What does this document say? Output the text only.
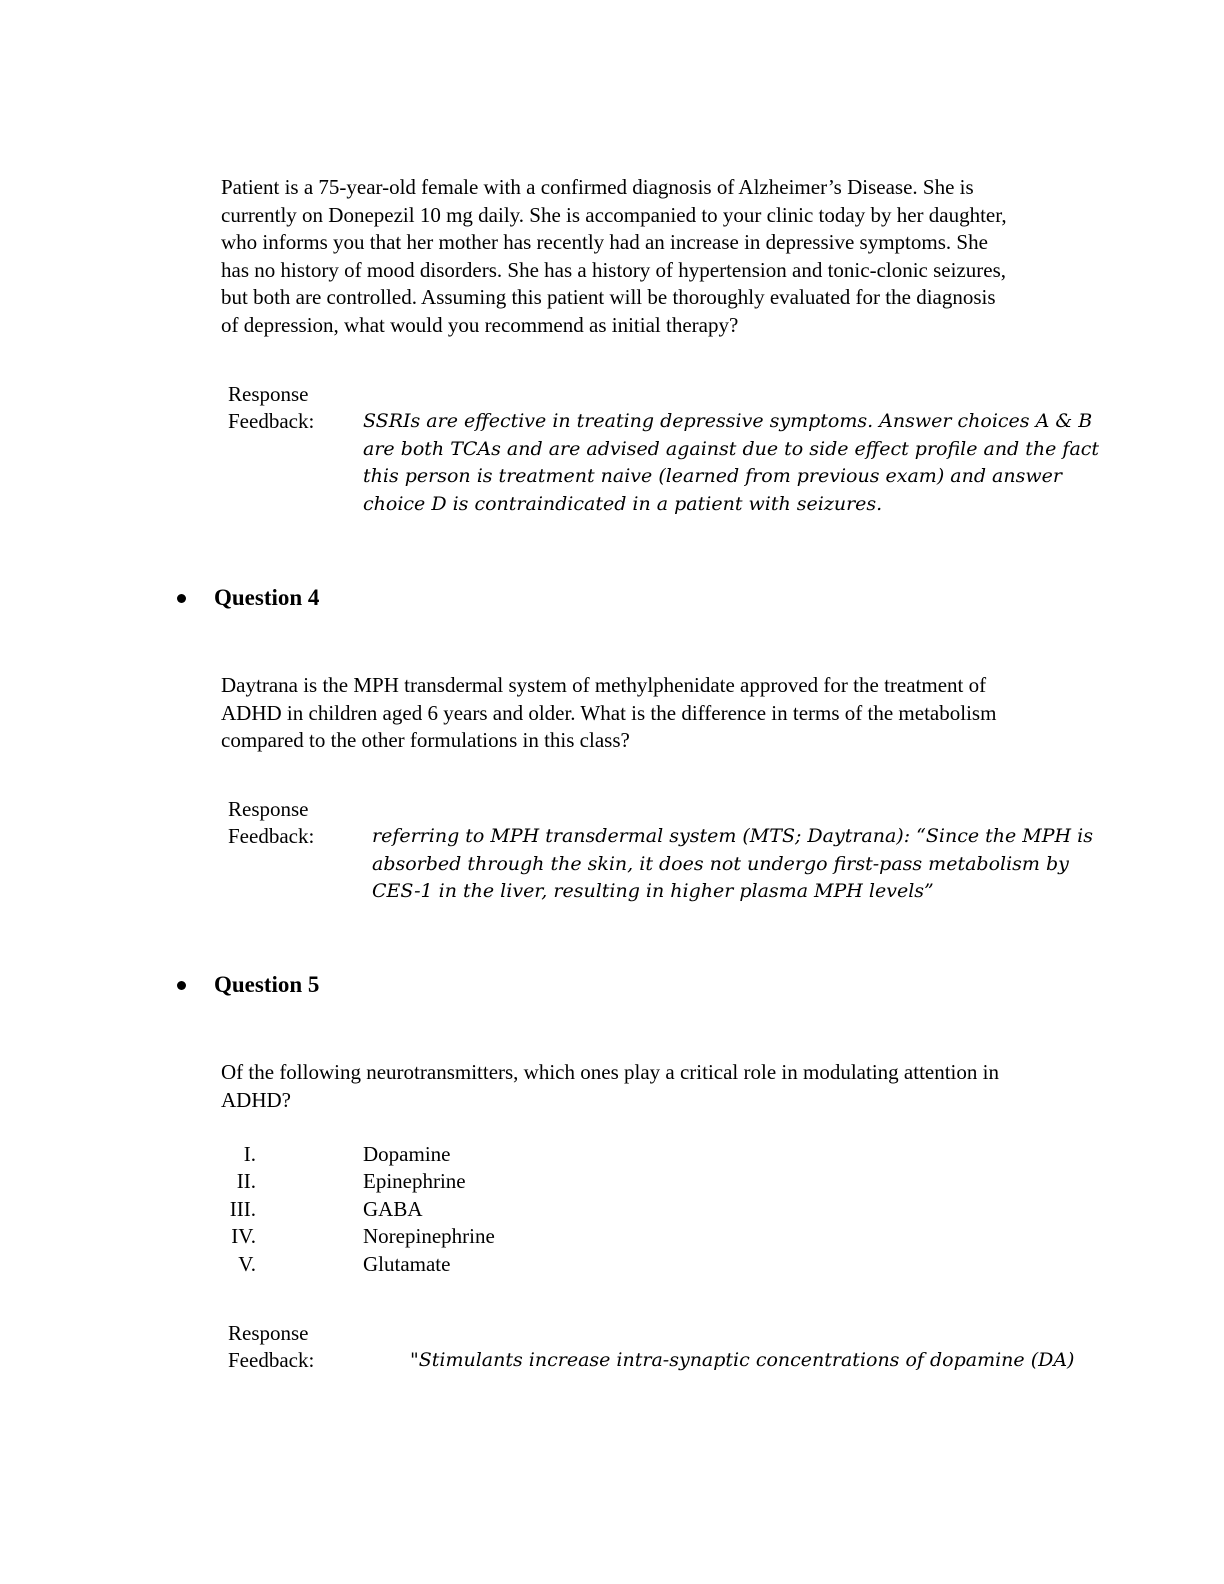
Patient is a 75-year-old female with a confirmed diagnosis of Alzheimer’s Disease. She is
currently on Donepezil 10 mg daily. She is accompanied to your clinic today by her daughter,
who informs you that her mother has recently had an increase in depressive symptoms. She
has no history of mood disorders. She has a history of hypertension and tonic-clonic seizures,
but both are controlled. Assuming this patient will be thoroughly evaluated for the diagnosis
of depression, what would you recommend as initial therapy?
Response
Feedback:	SSRIs are effective in treating depressive symptoms. Answer choices A & B
are both TCAs and are advised against due to side effect profile and the fact
this person is treatment naive (learned from previous exam) and answer
choice D is contraindicated in a patient with seizures.
Question 4
Daytrana is the MPH transdermal system of methylphenidate approved for the treatment of
ADHD in children aged 6 years and older. What is the difference in terms of the metabolism
compared to the other formulations in this class?
Response
Feedback:	referring to MPH transdermal system (MTS; Daytrana): “Since the MPH is
absorbed through the skin, it does not undergo first-pass metabolism by
CES-1 in the liver, resulting in higher plasma MPH levels”
Question 5
Of the following neurotransmitters, which ones play a critical role in modulating attention in
ADHD?
I.	Dopamine
II.	Epinephrine
III.	GABA
IV.	Norepinephrine
V.	Glutamate
Response
Feedback:	"Stimulants increase intra-synaptic concentrations of dopamine (DA)
